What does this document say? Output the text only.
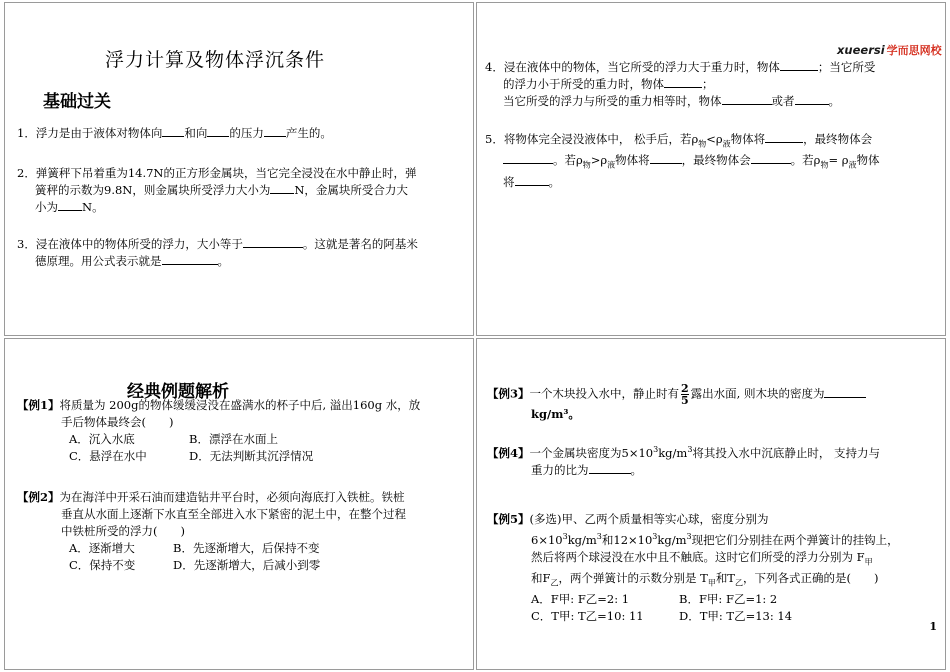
浮力计算及物体浮沉条件
基础过关
1．浮力是由于液体对物体向 和向 的压力 产生的。
2．弹簧秤下吊着重为14.7N的正方形金属块，当它完全浸没在水中静止时，弹
簧秤的示数为9.8N，则金属块所受浮力大小为 N，金属块所受合力大
小为 N。
3．浸在液体中的物体所受的浮力，大小等于	。这就是著名的阿基米
德原理。用公式表示就是	。
xueersi 学而思网校
4．浸在液体中的物体，当它所受的浮力大于重力时，物体	；当它所受
的浮力小于所受的重力时，物体	；
当它所受的浮力与所受的重力相等时，物体	或者	。
5．将物体完全浸没液体中， 松手后，若$\rho_物<\rho_液$物体将	，最终物体会
。若$\rho_物>\rho_液$物体将	，最终物体会	。若$\rho_物= \rho_液$物体
将	。
经典例题解析
【例1】将质量为 200g的物体缓缓浸没在盛满水的杯子中后, 溢出160g 水，放
手后物体最终会(　　)
A．沉入水底	B．漂浮在水面上
C．悬浮在水中	D．无法判断其沉浮情况
【例2】为在海洋中开采石油而建造钻井平台时，必须向海底打入铁桩。铁桩
垂直从水面上逐渐下水直至全部进入水下紧密的泥土中，在整个过程
中铁桩所受的浮力(　　)
A．逐渐增大	B．先逐渐增大，后保持不变
C．保持不变	D．先逐渐增大，后减小到零
【例3】一个木块投入水中，静止时有 $\frac{2}{5}$ 露出水面, 则木块的密度为
kg/m³。
【例4】一个金属块密度为$5\times 10^3kg/m^3$将其投入水中沉底静止时， 支持力与
重力的比为	。
【例5】(多选)甲、乙两个质量相等实心球，密度分别为
$6\times 10^3kg/m^3$和$12\times 10^3kg/m^3$现把它们分别挂在两个弹簧计的挂钩上，
然后将两个球浸没在水中且不触底。这时它们所受的浮力分别为 $F_甲$
和$F_乙$，两个弹簧计的示数分别是 $T_甲$和$T_乙$，下列各式正确的是(　　)
A．F甲: F乙=2: 1	B．F甲: F乙=1: 2
C．T甲: T乙=10: 11	D．T甲: T乙=13: 14
1
